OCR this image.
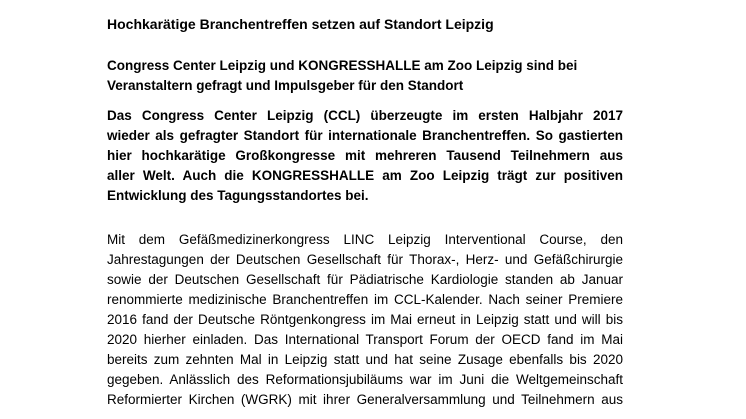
Hochkarätige Branchentreffen setzen auf Standort Leipzig
Congress Center Leipzig und KONGRESSHALLE am Zoo Leipzig sind bei
Veranstaltern gefragt und Impulsgeber für den Standort
Das Congress Center Leipzig (CCL) überzeugte im ersten Halbjahr 2017
wieder als gefragter Standort für internationale Branchentreffen. So gastierten
hier hochkarätige Großkongresse mit mehreren Tausend Teilnehmern aus
aller Welt. Auch die KONGRESSHALLE am Zoo Leipzig trägt zur positiven
Entwicklung des Tagungsstandortes bei.
Mit dem Gefäßmedizinerkongress LINC Leipzig Interventional Course, den
Jahrestagungen der Deutschen Gesellschaft für Thorax-, Herz- und Gefäßchirurgie
sowie der Deutschen Gesellschaft für Pädiatrische Kardiologie standen ab Januar
renommierte medizinische Branchentreffen im CCL-Kalender. Nach seiner Premiere
2016 fand der Deutsche Röntgenkongress im Mai erneut in Leipzig statt und will bis
2020 hierher einladen. Das International Transport Forum der OECD fand im Mai
bereits zum zehnten Mal in Leipzig statt und hat seine Zusage ebenfalls bis 2020
gegeben. Anlässlich des Reformationsjubiläums war im Juni die Weltgemeinschaft
Reformierter Kirchen (WGRK) mit ihrer Generalversammlung und Teilnehmern aus
